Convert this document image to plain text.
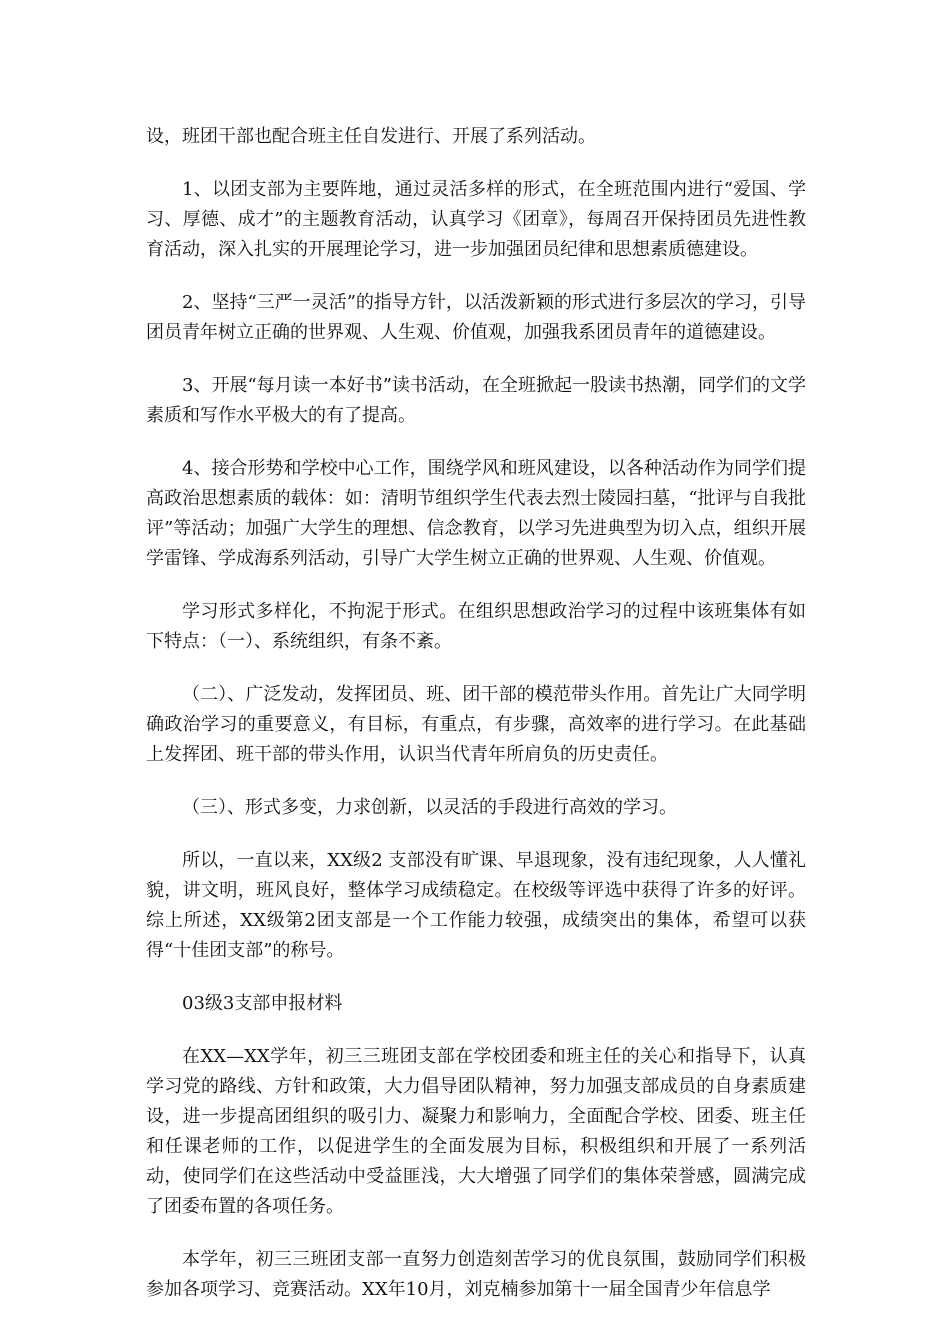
设，班团干部也配合班主任自发进行、开展了系列活动。

1、以团支部为主要阵地，通过灵活多样的形式，在全班范围内进行“爱国、学习、厚德、成才”的主题教育活动，认真学习《团章》，每周召开保持团员先进性教育活动，深入扎实的开展理论学习，进一步加强团员纪律和思想素质德建设。

2、坚持“三严一灵活”的指导方针，以活泼新颖的形式进行多层次的学习，引导团员青年树立正确的世界观、人生观、价值观，加强我系团员青年的道德建设。

3、开展“每月读一本好书”读书活动，在全班掀起一股读书热潮，同学们的文学素质和写作水平极大的有了提高。

4、接合形势和学校中心工作，围绕学风和班风建设，以各种活动作为同学们提高政治思想素质的载体：如：清明节组织学生代表去烈士陵园扫墓，“批评与自我批评”等活动；加强广大学生的理想、信念教育，以学习先进典型为切入点，组织开展学雷锋、学成海系列活动，引导广大学生树立正确的世界观、人生观、价值观。

学习形式多样化，不拘泥于形式。在组织思想政治学习的过程中该班集体有如下特点：（一）、系统组织，有条不紊。

（二）、广泛发动，发挥团员、班、团干部的模范带头作用。首先让广大同学明确政治学习的重要意义，有目标，有重点，有步骤，高效率的进行学习。在此基础上发挥团、班干部的带头作用，认识当代青年所肩负的历史责任。

（三）、形式多变，力求创新，以灵活的手段进行高效的学习。

所以，一直以来，XX级2 支部没有旷课、早退现象，没有违纪现象，人人懂礼貌，讲文明，班风良好，整体学习成绩稳定。在校级等评选中获得了许多的好评。综上所述，XX级第2团支部是一个工作能力较强，成绩突出的集体，希望可以获得“十佳团支部”的称号。

03级3支部申报材料

在XX—XX学年，初三三班团支部在学校团委和班主任的关心和指导下，认真学习党的路线、方针和政策，大力倡导团队精神，努力加强支部成员的自身素质建设，进一步提高团组织的吸引力、凝聚力和影响力，全面配合学校、团委、班主任和任课老师的工作，以促进学生的全面发展为目标，积极组织和开展了一系列活动，使同学们在这些活动中受益匪浅，大大增强了同学们的集体荣誉感，圆满完成了团委布置的各项任务。

本学年，初三三班团支部一直努力创造刻苦学习的优良氛围，鼓励同学们积极参加各项学习、竞赛活动。XX年10月，刘克楠参加第十一届全国青少年信息学
